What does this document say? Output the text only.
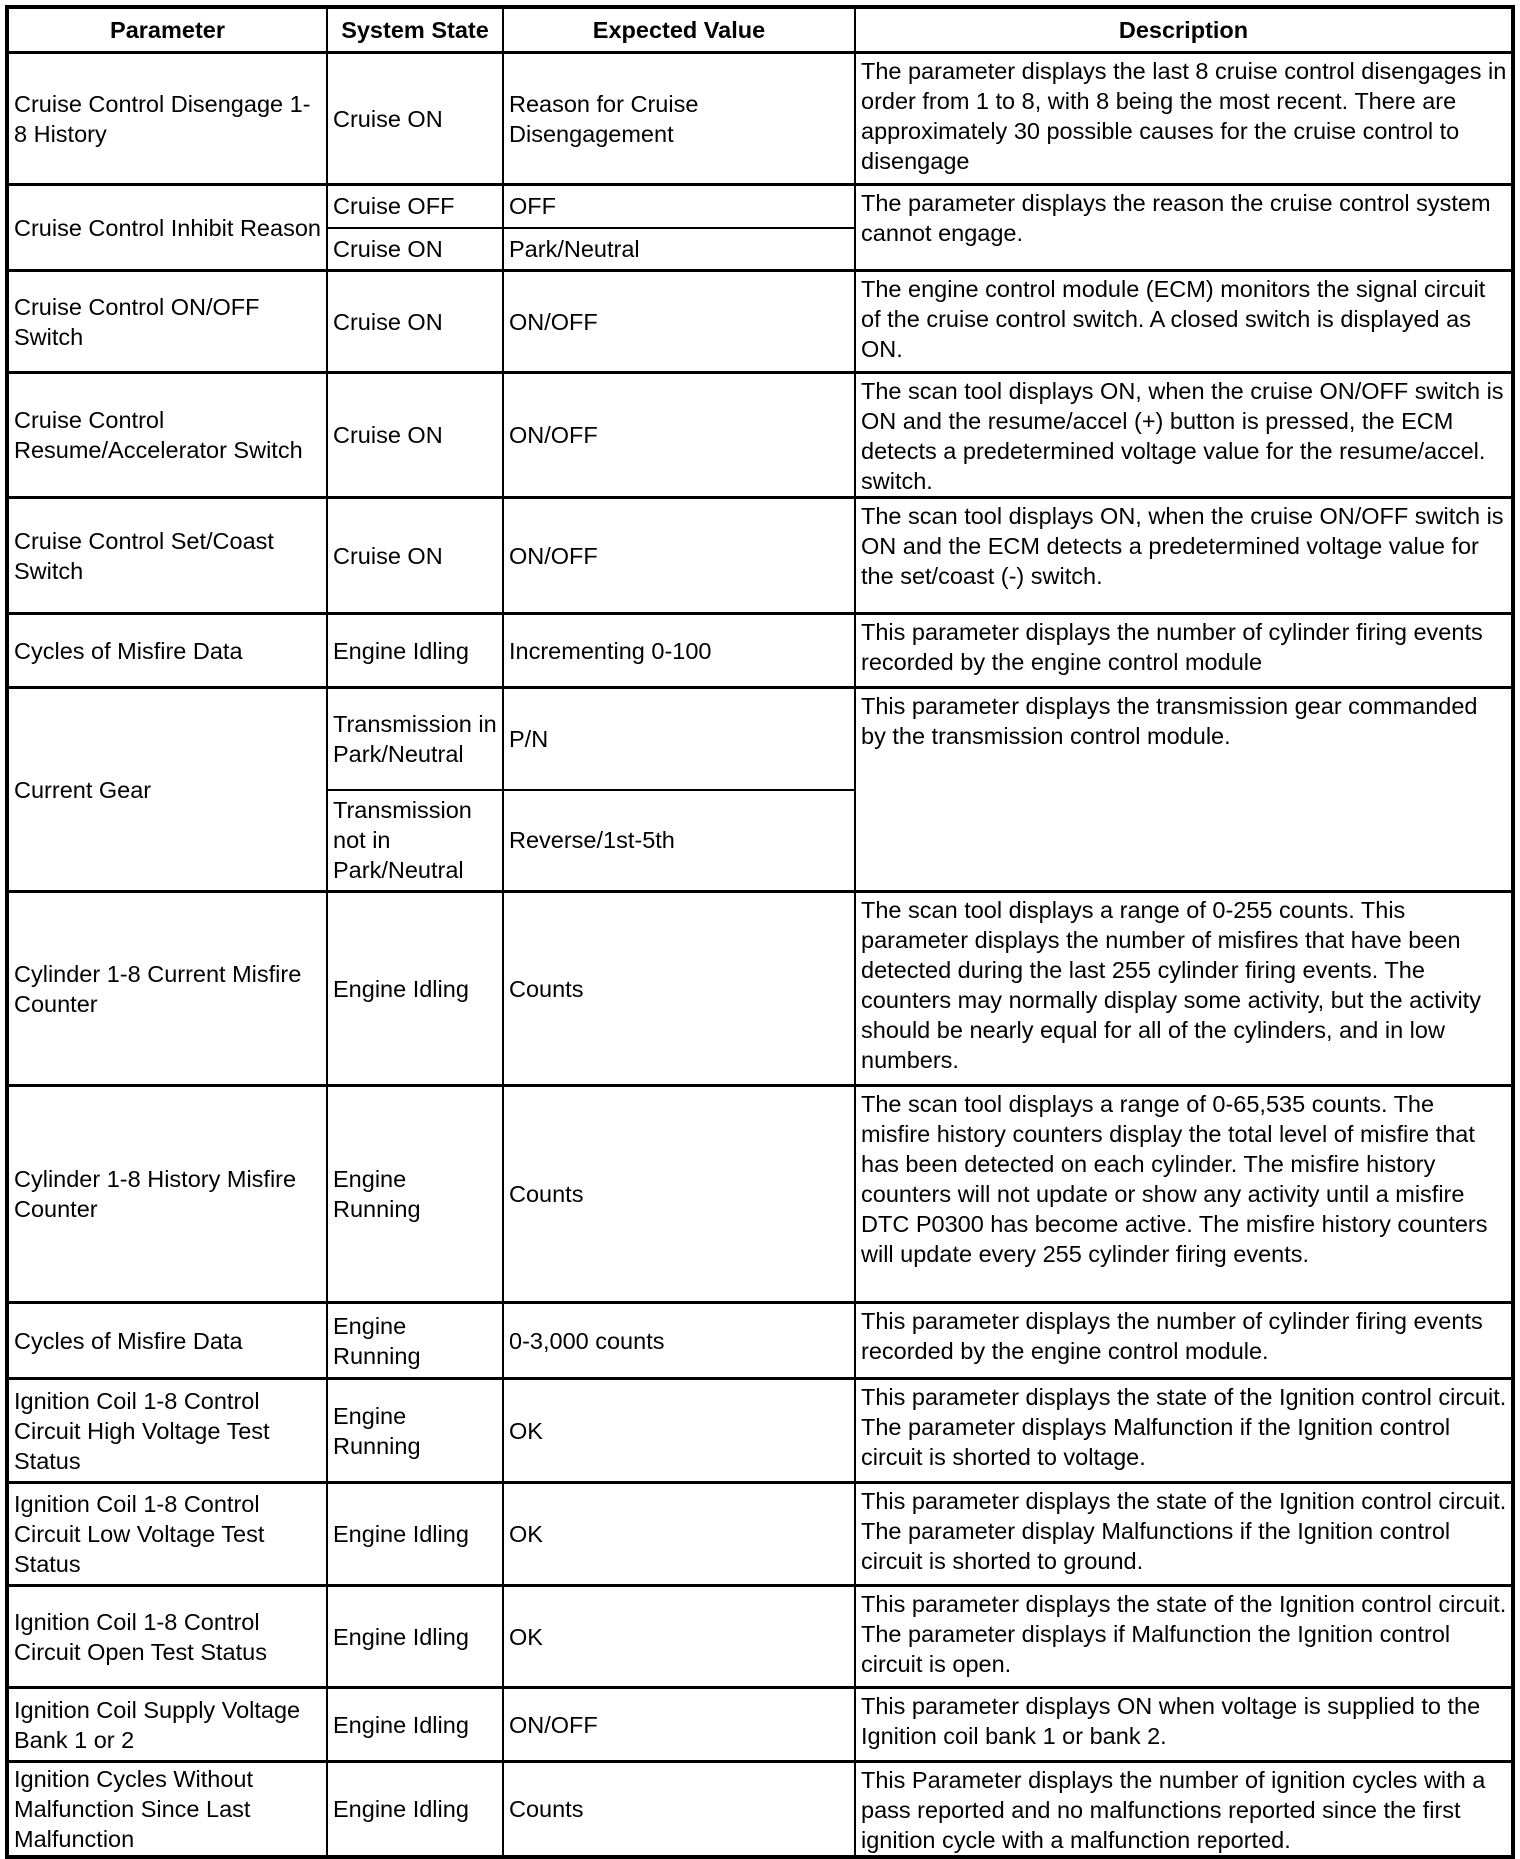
Parameter	System State	Expected Value	Description
Cruise Control Disengage 1-8 History	Cruise ON	Reason for Cruise Disengagement	The parameter displays the last 8 cruise control disengages in order from 1 to 8, with 8 being the most recent. There are approximately 30 possible causes for the cruise control to disengage
Cruise Control Inhibit Reason	Cruise OFF	OFF	The parameter displays the reason the cruise control system cannot engage.
	Cruise ON	Park/Neutral	
Cruise Control ON/OFF Switch	Cruise ON	ON/OFF	The engine control module (ECM) monitors the signal circuit of the cruise control switch. A closed switch is displayed as ON.
Cruise Control Resume/Accelerator Switch	Cruise ON	ON/OFF	The scan tool displays ON, when the cruise ON/OFF switch is ON and the resume/accel (+) button is pressed, the ECM detects a predetermined voltage value for the resume/accel. switch.
Cruise Control Set/Coast Switch	Cruise ON	ON/OFF	The scan tool displays ON, when the cruise ON/OFF switch is ON and the ECM detects a predetermined voltage value for the set/coast (-) switch.
Cycles of Misfire Data	Engine Idling	Incrementing 0-100	This parameter displays the number of cylinder firing events recorded by the engine control module
Current Gear	Transmission in Park/Neutral	P/N	This parameter displays the transmission gear commanded by the transmission control module.
	Transmission not in Park/Neutral	Reverse/1st-5th	
Cylinder 1-8 Current Misfire Counter	Engine Idling	Counts	The scan tool displays a range of 0-255 counts. This parameter displays the number of misfires that have been detected during the last 255 cylinder firing events. The counters may normally display some activity, but the activity should be nearly equal for all of the cylinders, and in low numbers.
Cylinder 1-8 History Misfire Counter	Engine Running	Counts	The scan tool displays a range of 0-65,535 counts. The misfire history counters display the total level of misfire that has been detected on each cylinder. The misfire history counters will not update or show any activity until a misfire DTC P0300 has become active. The misfire history counters will update every 255 cylinder firing events.
Cycles of Misfire Data	Engine Running	0-3,000 counts	This parameter displays the number of cylinder firing events recorded by the engine control module.
Ignition Coil 1-8 Control Circuit High Voltage Test Status	Engine Running	OK	This parameter displays the state of the Ignition control circuit. The parameter displays Malfunction if the Ignition control circuit is shorted to voltage.
Ignition Coil 1-8 Control Circuit Low Voltage Test Status	Engine Idling	OK	This parameter displays the state of the Ignition control circuit. The parameter display Malfunctions if the Ignition control circuit is shorted to ground.
Ignition Coil 1-8 Control Circuit Open Test Status	Engine Idling	OK	This parameter displays the state of the Ignition control circuit. The parameter displays if Malfunction the Ignition control circuit is open.
Ignition Coil Supply Voltage Bank 1 or 2	Engine Idling	ON/OFF	This parameter displays ON when voltage is supplied to the Ignition coil bank 1 or bank 2.
Ignition Cycles Without Malfunction Since Last Malfunction	Engine Idling	Counts	This Parameter displays the number of ignition cycles with a pass reported and no malfunctions reported since the first ignition cycle with a malfunction reported.
